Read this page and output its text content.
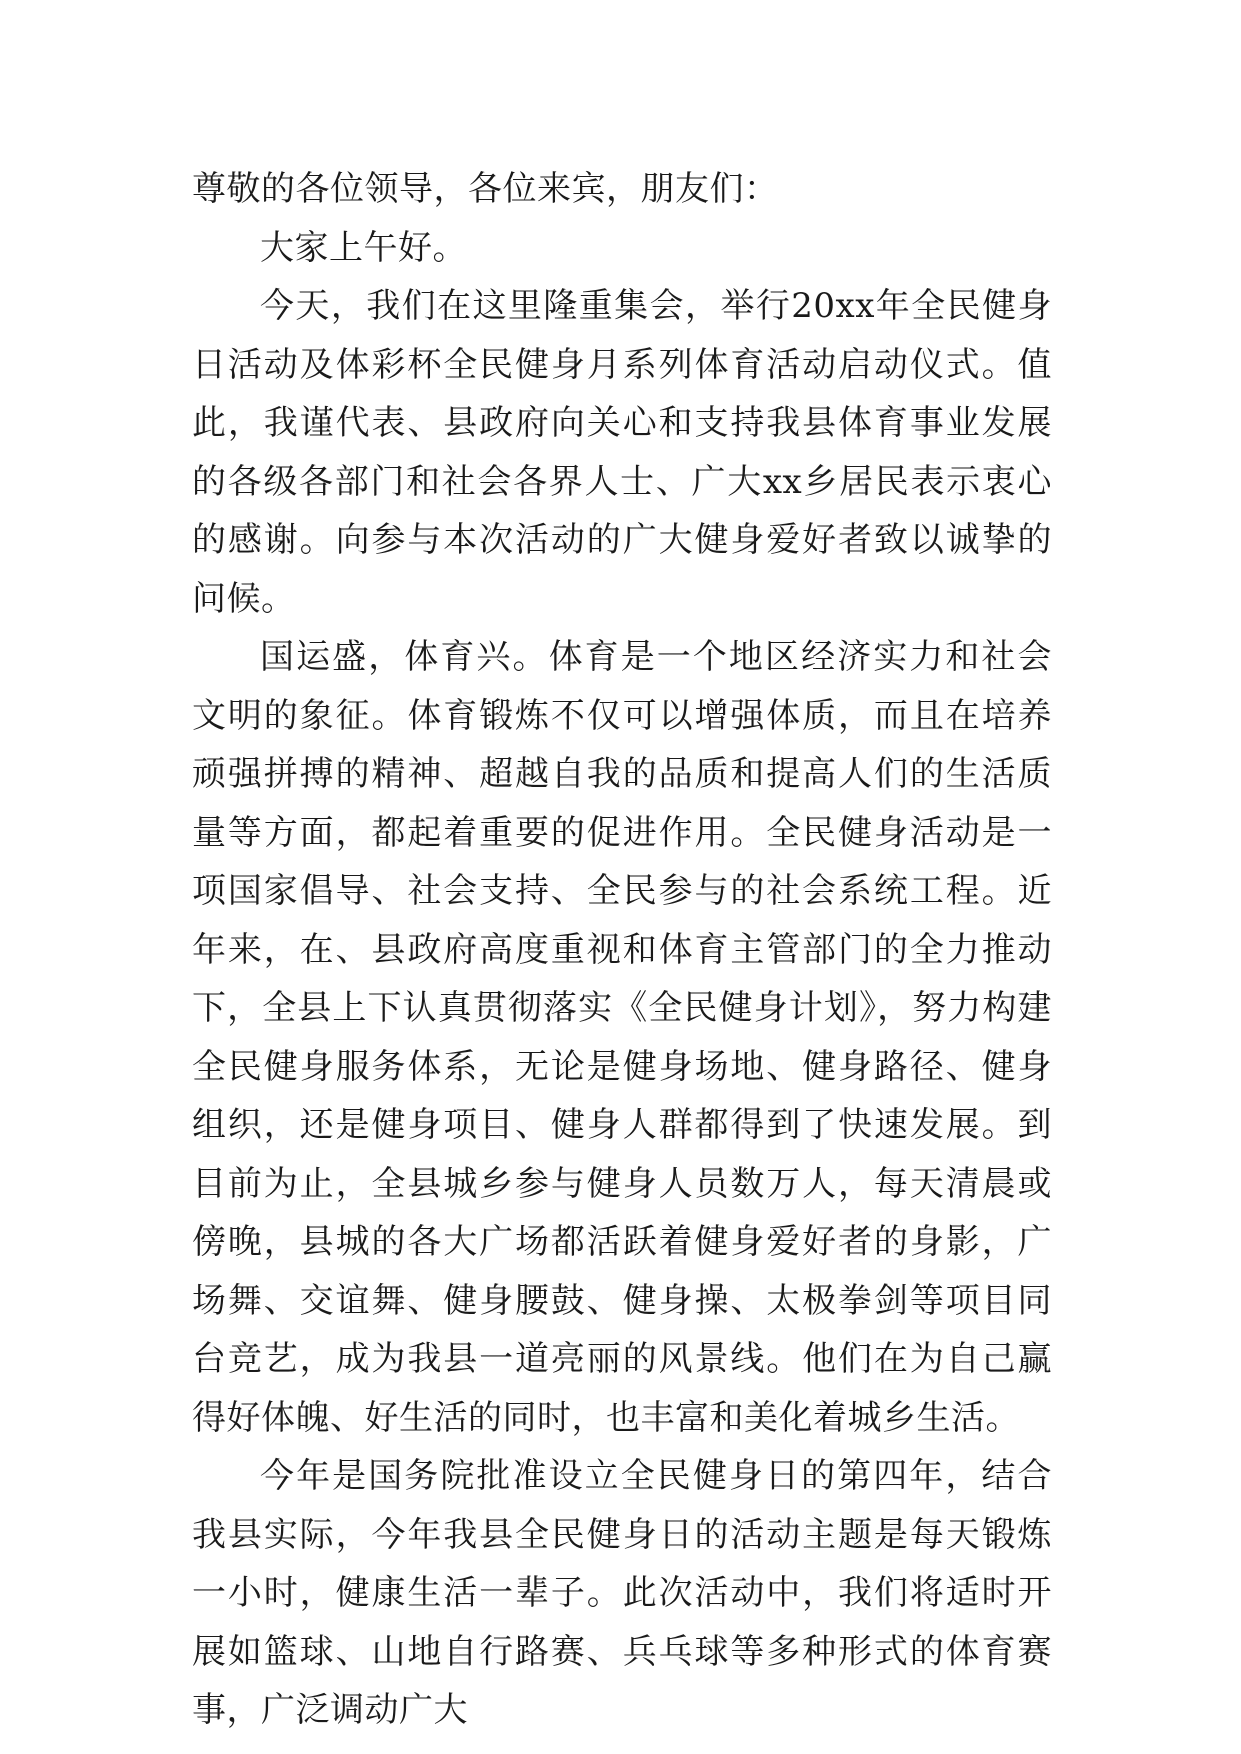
尊敬的各位领导，各位来宾，朋友们：

大家上午好。

今天，我们在这里隆重集会，举行20xx年全民健身日活动及体彩杯全民健身月系列体育活动启动仪式。值此，我谨代表、县政府向关心和支持我县体育事业发展的各级各部门和社会各界人士、广大xx乡居民表示衷心的感谢。向参与本次活动的广大健身爱好者致以诚挚的问候。

国运盛，体育兴。体育是一个地区经济实力和社会文明的象征。体育锻炼不仅可以增强体质，而且在培养顽强拼搏的精神、超越自我的品质和提高人们的生活质量等方面，都起着重要的促进作用。全民健身活动是一项国家倡导、社会支持、全民参与的社会系统工程。近年来，在、县政府高度重视和体育主管部门的全力推动下，全县上下认真贯彻落实《全民健身计划》，努力构建全民健身服务体系，无论是健身场地、健身路径、健身组织，还是健身项目、健身人群都得到了快速发展。到目前为止，全县城乡参与健身人员数万人，每天清晨或傍晚，县城的各大广场都活跃着健身爱好者的身影，广场舞、交谊舞、健身腰鼓、健身操、太极拳剑等项目同台竞艺，成为我县一道亮丽的风景线。他们在为自己赢得好体魄、好生活的同时，也丰富和美化着城乡生活。

今年是国务院批准设立全民健身日的第四年，结合我县实际，今年我县全民健身日的活动主题是每天锻炼一小时，健康生活一辈子。此次活动中，我们将适时开展如篮球、山地自行路赛、兵乓球等多种形式的体育赛事，广泛调动广大
